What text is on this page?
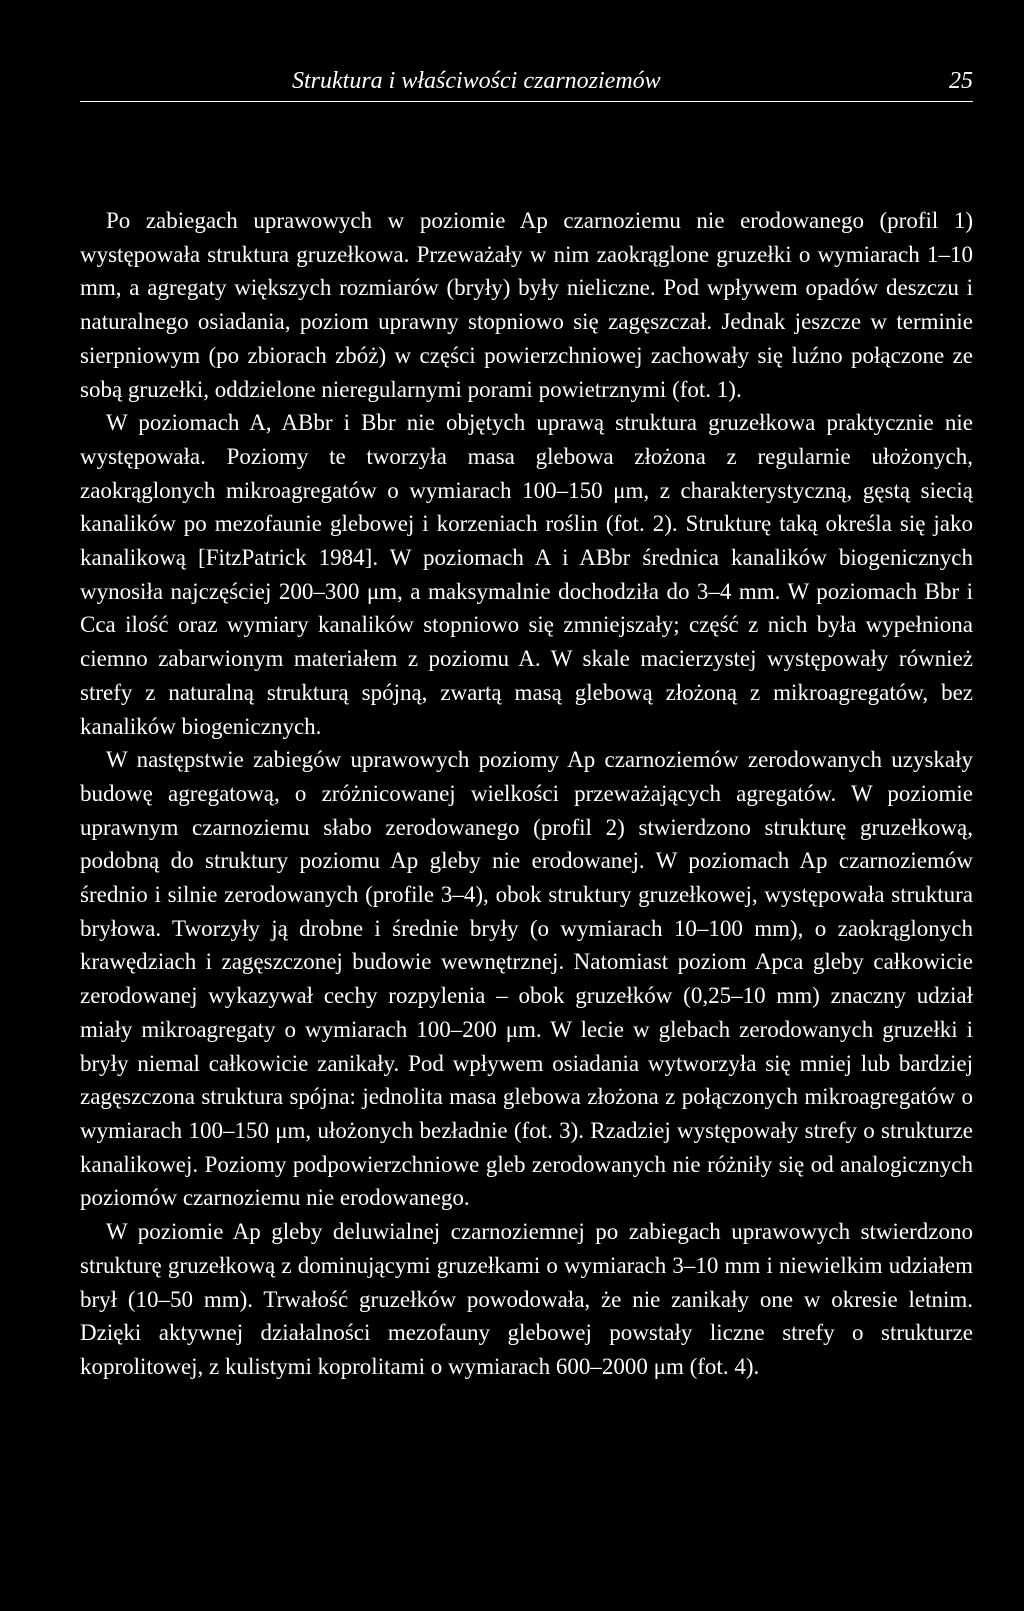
Struktura i właściwości czarnoziemów	25

Po zabiegach uprawowych w poziomie Ap czarnoziemu nie erodowanego (profil 1) występowała struktura gruzełkowa. Przeważały w nim zaokrąglone gruzełki o wymiarach 1–10 mm, a agregaty większych rozmiarów (bryły) były nieliczne. Pod wpływem opadów deszczu i naturalnego osiadania, poziom uprawny stopniowo się zagęszczał. Jednak jeszcze w terminie sierpniowym (po zbiorach zbóż) w części powierzchniowej zachowały się luźno połączone ze sobą gruzełki, oddzielone nieregularnymi porami powietrznymi (fot. 1).

W poziomach A, ABbr i Bbr nie objętych uprawą struktura gruzełkowa praktycznie nie występowała. Poziomy te tworzyła masa glebowa złożona z regularnie ułożonych, zaokrąglonych mikroagregatów o wymiarach 100–150 μm, z charakterystyczną, gęstą siecią kanalików po mezofaunie glebowej i korzeniach roślin (fot. 2). Strukturę taką określa się jako kanalikową [FitzPatrick 1984]. W poziomach A i ABbr średnica kanalików biogenicznych wynosiła najczęściej 200–300 μm, a maksymalnie dochodziła do 3–4 mm. W poziomach Bbr i Cca ilość oraz wymiary kanalików stopniowo się zmniejszały; część z nich była wypełniona ciemno zabarwionym materiałem z poziomu A. W skale macierzystej występowały również strefy z naturalną strukturą spójną, zwartą masą glebową złożoną z mikroagregatów, bez kanalików biogenicznych.

W następstwie zabiegów uprawowych poziomy Ap czarnoziemów zerodowanych uzyskały budowę agregatową, o zróżnicowanej wielkości przeważających agregatów. W poziomie uprawnym czarnoziemu słabo zerodowanego (profil 2) stwierdzono strukturę gruzełkową, podobną do struktury poziomu Ap gleby nie erodowanej. W poziomach Ap czarnoziemów średnio i silnie zerodowanych (profile 3–4), obok struktury gruzełkowej, występowała struktura bryłowa. Tworzyły ją drobne i średnie bryły (o wymiarach 10–100 mm), o zaokrąglonych krawędziach i zagęszczonej budowie wewnętrznej. Natomiast poziom Apca gleby całkowicie zerodowanej wykazywał cechy rozpylenia – obok gruzełków (0,25–10 mm) znaczny udział miały mikroagregaty o wymiarach 100–200 μm. W lecie w glebach zerodowanych gruzełki i bryły niemal całkowicie zanikały. Pod wpływem osiadania wytworzyła się mniej lub bardziej zagęszczona struktura spójna: jednolita masa glebowa złożona z połączonych mikroagregatów o wymiarach 100–150 μm, ułożonych bezładnie (fot. 3). Rzadziej występowały strefy o strukturze kanalikowej. Poziomy podpowierzchniowe gleb zerodowanych nie różniły się od analogicznych poziomów czarnoziemu nie erodowanego.

W poziomie Ap gleby deluwialnej czarnoziemnej po zabiegach uprawowych stwierdzono strukturę gruzełkową z dominującymi gruzełkami o wymiarach 3–10 mm i niewielkim udziałem brył (10–50 mm). Trwałość gruzełków powodowała, że nie zanikały one w okresie letnim. Dzięki aktywnej działalności mezofauny glebowej powstały liczne strefy o strukturze koprolitowej, z kulistymi koprolitami o wymiarach 600–2000 μm (fot. 4).
